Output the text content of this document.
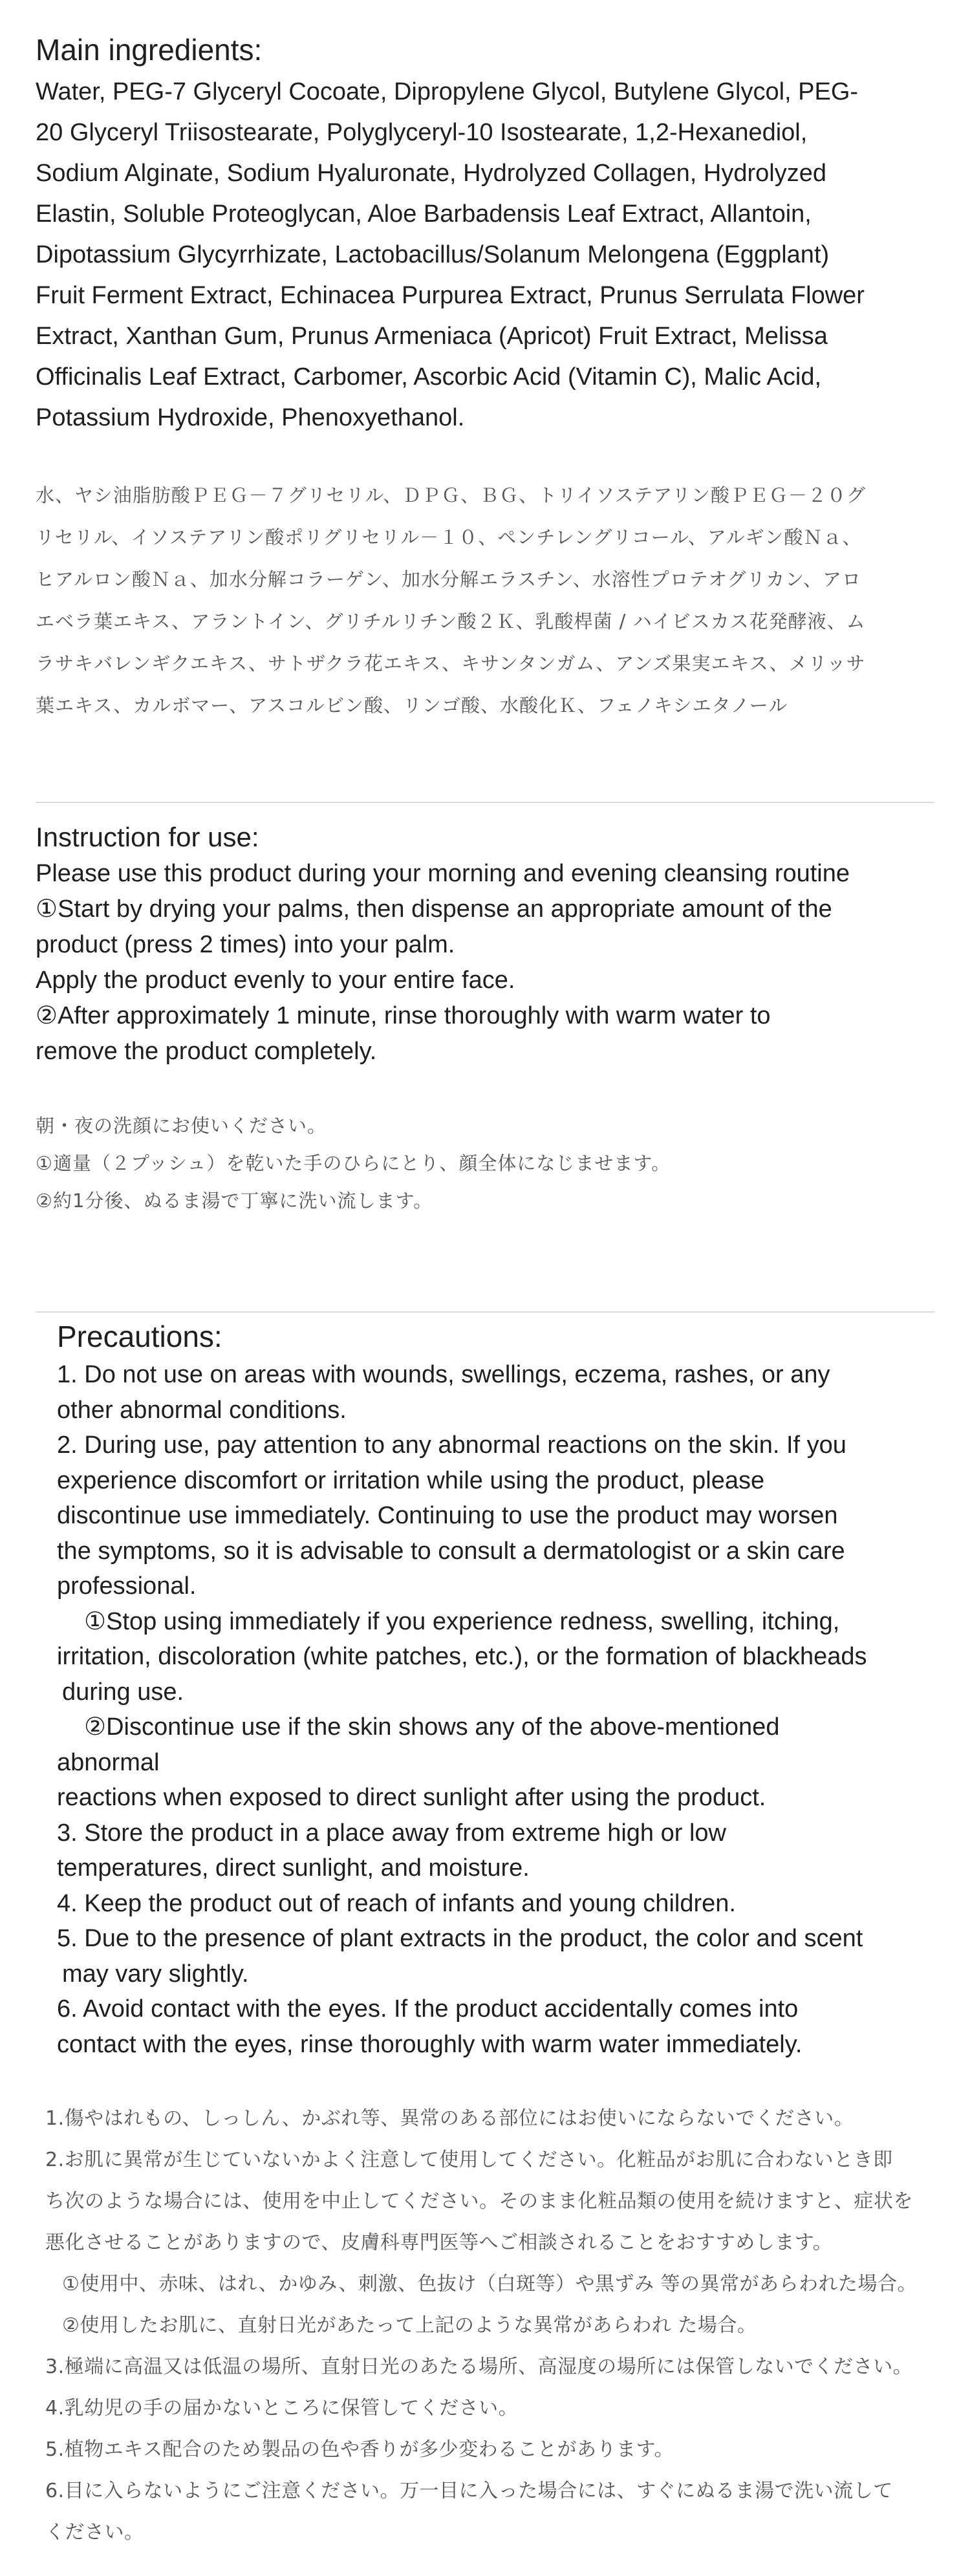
Main ingredients:

Water, PEG-7 Glyceryl Cocoate, Dipropylene Glycol, Butylene Glycol, PEG-

20 Glyceryl Triisostearate, Polyglyceryl-10 Isostearate, 1,2-Hexanediol,

Sodium Alginate, Sodium Hyaluronate, Hydrolyzed Collagen, Hydrolyzed

Elastin, Soluble Proteoglycan, Aloe Barbadensis Leaf Extract, Allantoin,

Dipotassium Glycyrrhizate, Lactobacillus/Solanum Melongena (Eggplant)

Fruit Ferment Extract, Echinacea Purpurea Extract, Prunus Serrulata Flower

Extract, Xanthan Gum, Prunus Armeniaca (Apricot) Fruit Extract, Melissa

Officinalis Leaf Extract, Carbomer, Ascorbic Acid (Vitamin C), Malic Acid,

Potassium Hydroxide, Phenoxyethanol.

水、ヤシ油脂肪酸ＰＥＧ－７グリセリル、ＤＰＧ、ＢＧ、トリイソステアリン酸ＰＥＧ－２０グ

リセリル、イソステアリン酸ポリグリセリル－１０、ペンチレングリコール、アルギン酸Ｎａ、

ヒアルロン酸Ｎａ、加水分解コラーゲン、加水分解エラスチン、水溶性プロテオグリカン、アロ

エベラ葉エキス、アラントイン、グリチルリチン酸２Ｋ、乳酸桿菌 / ハイビスカス花発酵液、ム

ラサキバレンギクエキス、サトザクラ花エキス、キサンタンガム、アンズ果実エキス、メリッサ

葉エキス、カルボマー、アスコルビン酸、リンゴ酸、水酸化Ｋ、フェノキシエタノール

Instruction for use:

Please use this product during your morning and evening cleansing routine

①Start by drying your palms, then dispense an appropriate amount of the

product (press 2 times) into your palm.

Apply the product evenly to your entire face.

②After approximately 1 minute, rinse thoroughly with warm water to

remove the product completely.

朝・夜の洗顔にお使いください。

①適量（２プッシュ）を乾いた手のひらにとり、顔全体になじませます。

②約1分後、ぬるま湯で丁寧に洗い流します。

Precautions:

1. Do not use on areas with wounds, swellings, eczema, rashes, or any

other abnormal conditions.

2. During use, pay attention to any abnormal reactions on the skin. If you

experience discomfort or irritation while using the product, please

discontinue use immediately. Continuing to use the product may worsen

the symptoms, so it is advisable to consult a dermatologist or a skin care

professional.

①Stop using immediately if you experience redness, swelling, itching,

irritation, discoloration (white patches, etc.), or the formation of blackheads

during use.

②Discontinue use if the skin shows any of the above-mentioned

abnormal

reactions when exposed to direct sunlight after using the product.

3. Store the product in a place away from extreme high or low

temperatures, direct sunlight, and moisture.

4. Keep the product out of reach of infants and young children.

5. Due to the presence of plant extracts in the product, the color and scent

may vary slightly.

6. Avoid contact with the eyes. If the product accidentally comes into

contact with the eyes, rinse thoroughly with warm water immediately.

1.傷やはれもの、しっしん、かぶれ等、異常のある部位にはお使いにならないでください。

2.お肌に異常が生じていないかよく注意して使用してください。化粧品がお肌に合わないとき即

ち次のような場合には、使用を中止してください。そのまま化粧品類の使用を続けますと、症状を

悪化させることがありますので、皮膚科専門医等へご相談されることをおすすめします。

①使用中、赤味、はれ、かゆみ、刺激、色抜け（白斑等）や黒ずみ 等の異常があらわれた場合。

②使用したお肌に、直射日光があたって上記のような異常があらわれ た場合。

3.極端に高温又は低温の場所、直射日光のあたる場所、高湿度の場所には保管しないでください。

4.乳幼児の手の届かないところに保管してください。

5.植物エキス配合のため製品の色や香りが多少変わることがあります。

6.目に入らないようにご注意ください。万一目に入った場合には、すぐにぬるま湯で洗い流して

ください。
